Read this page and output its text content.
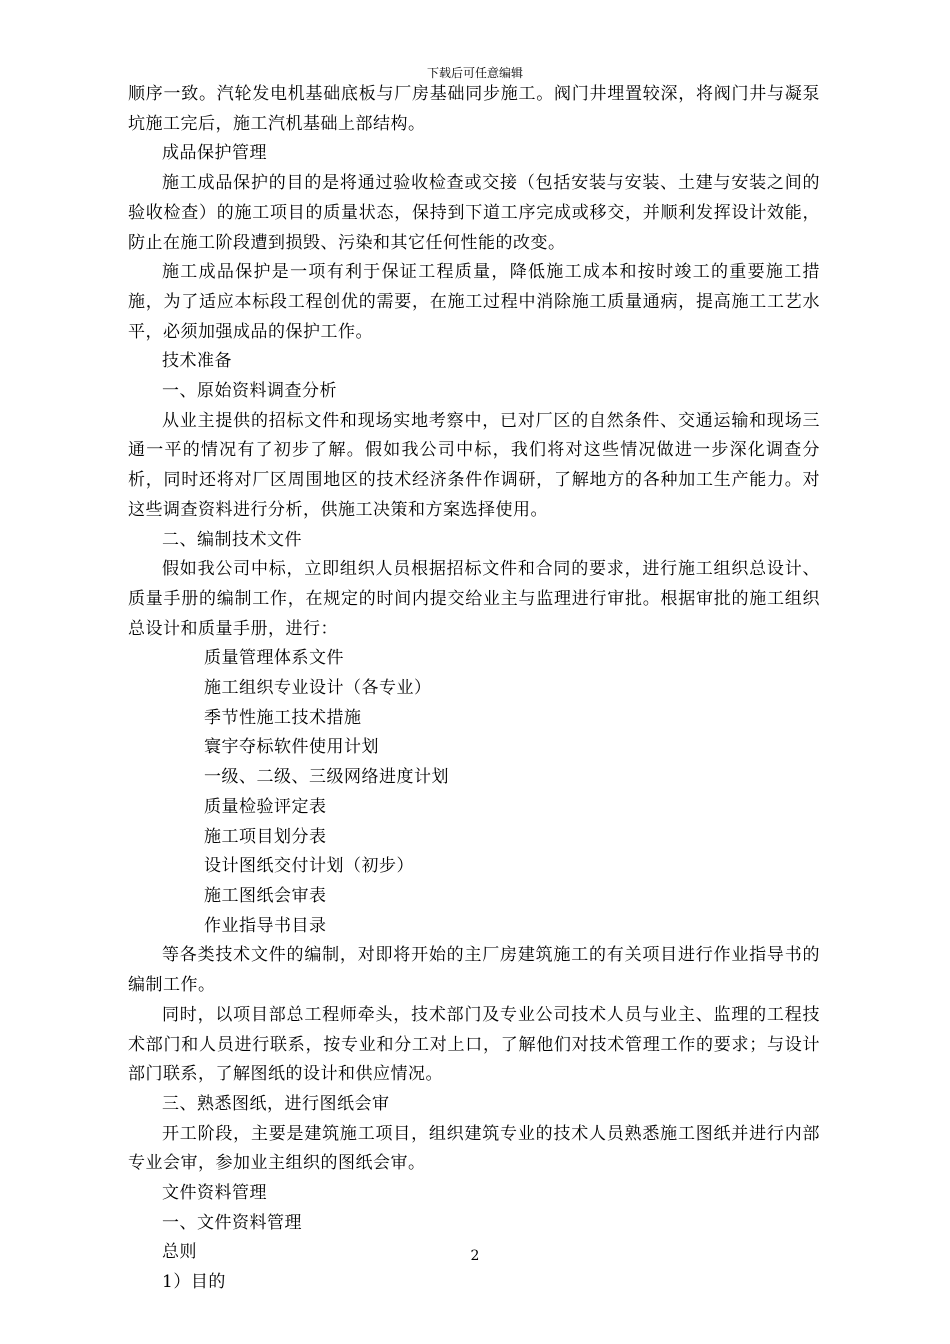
下载后可任意编辑

顺序一致。汽轮发电机基础底板与厂房基础同步施工。阀门井埋置较深，将阀门井与凝泵坑施工完后，施工汽机基础上部结构。

成品保护管理

施工成品保护的目的是将通过验收检查或交接（包括安装与安装、土建与安装之间的验收检查）的施工项目的质量状态，保持到下道工序完成或移交，并顺利发挥设计效能，防止在施工阶段遭到损毁、污染和其它任何性能的改变。

施工成品保护是一项有利于保证工程质量，降低施工成本和按时竣工的重要施工措施，为了适应本标段工程创优的需要，在施工过程中消除施工质量通病，提高施工工艺水平，必须加强成品的保护工作。

技术准备

一、原始资料调查分析

从业主提供的招标文件和现场实地考察中，已对厂区的自然条件、交通运输和现场三通一平的情况有了初步了解。假如我公司中标，我们将对这些情况做进一步深化调查分析，同时还将对厂区周围地区的技术经济条件作调研，了解地方的各种加工生产能力。对这些调查资料进行分析，供施工决策和方案选择使用。

二、编制技术文件

假如我公司中标，立即组织人员根据招标文件和合同的要求，进行施工组织总设计、质量手册的编制工作，在规定的时间内提交给业主与监理进行审批。根据审批的施工组织总设计和质量手册，进行：

质量管理体系文件

施工组织专业设计（各专业）

季节性施工技术措施

寰宇夺标软件使用计划

一级、二级、三级网络进度计划

质量检验评定表

施工项目划分表

设计图纸交付计划（初步）

施工图纸会审表

作业指导书目录

等各类技术文件的编制，对即将开始的主厂房建筑施工的有关项目进行作业指导书的编制工作。

同时，以项目部总工程师牵头，技术部门及专业公司技术人员与业主、监理的工程技术部门和人员进行联系，按专业和分工对上口，了解他们对技术管理工作的要求；与设计部门联系，了解图纸的设计和供应情况。

三、熟悉图纸，进行图纸会审

开工阶段，主要是建筑施工项目，组织建筑专业的技术人员熟悉施工图纸并进行内部专业会审，参加业主组织的图纸会审。

文件资料管理

一、文件资料管理

总则

1）目的

2
